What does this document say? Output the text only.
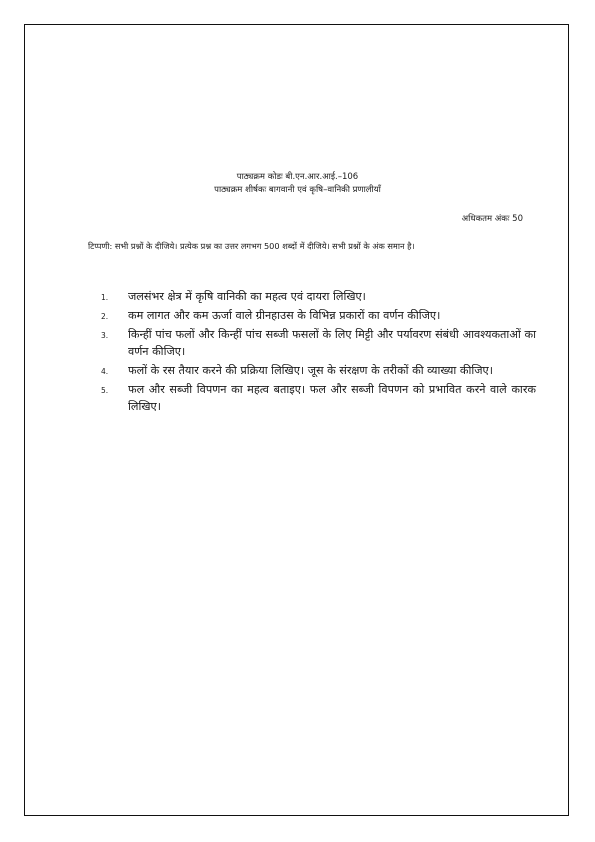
पाठ्यक्रम कोडः बी.एन.आर.आई.–106
पाठ्यक्रम शीर्षकः बागवानी एवं कृषि–वानिकी प्रणालीयाँ
अधिकतम अंकः 50
टिप्पणी: सभी प्रश्नों के दीजिये। प्रत्येक प्रश्न का उत्तर लगभग 500 शब्दों में दीजिये। सभी प्रश्नों के अंक समान है।
1. जलसंभर क्षेत्र में कृषि वानिकी का महत्व एवं दायरा लिखिए।
2. कम लागत और कम ऊर्जा वाले ग्रीनहाउस के विभिन्न प्रकारों का वर्णन कीजिए।
3. किन्हीं पांच फलों और किन्हीं पांच सब्जी फसलों के लिए मिट्टी और पर्यावरण संबंधी आवश्यकताओं का वर्णन कीजिए।
4. फलों के रस तैयार करने की प्रक्रिया लिखिए। जूस के संरक्षण के तरीकों की व्याख्या कीजिए।
5. फल और सब्जी विपणन का महत्व बताइए। फल और सब्जी विपणन को प्रभावित करने वाले कारक लिखिए।
